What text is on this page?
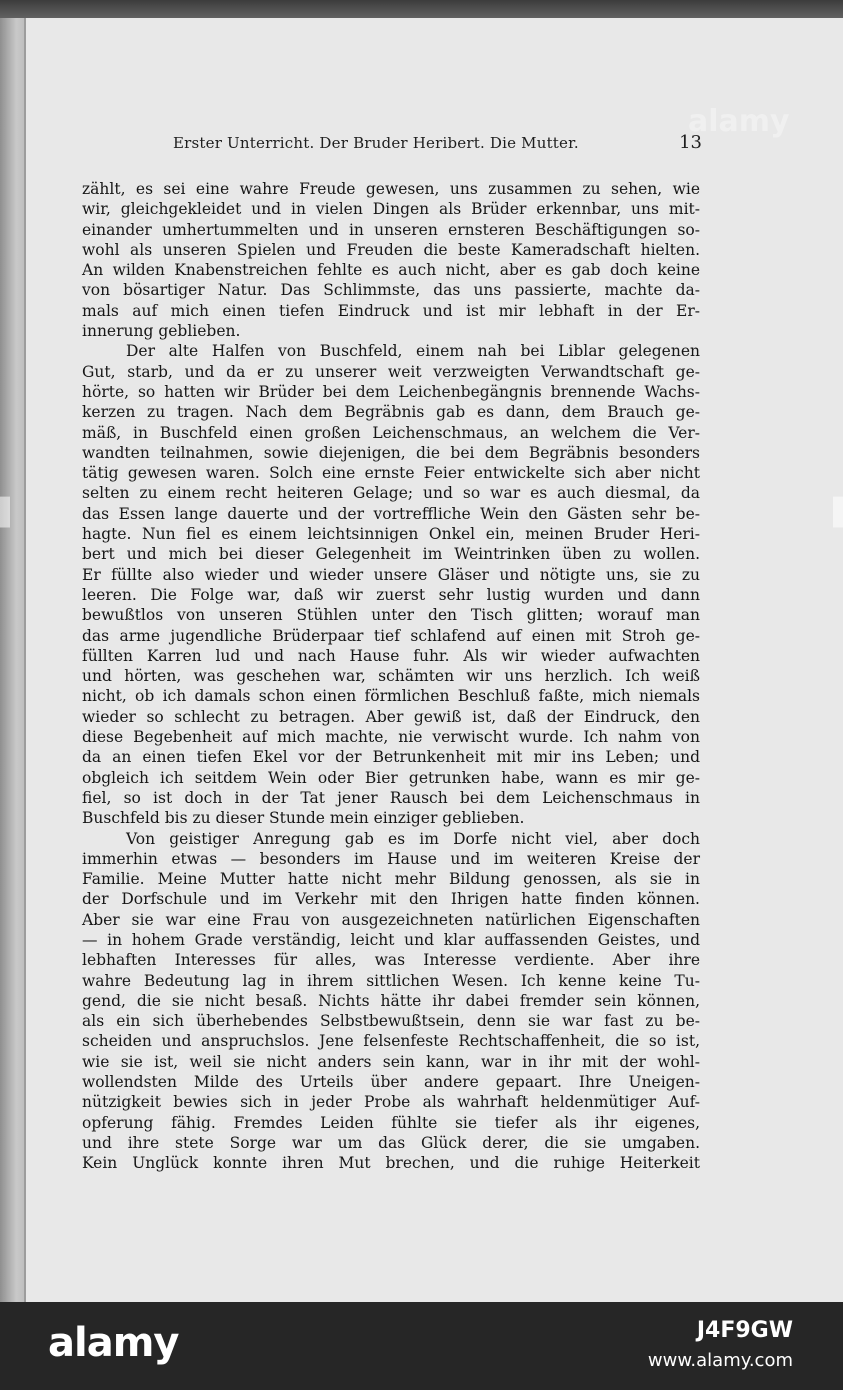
Erster Unterricht. Der Bruder Heribert. Die Mutter.	13
zählt, es sei eine wahre Freude gewesen, uns zusammen zu sehen, wie
wir, gleichgekleidet und in vielen Dingen als Brüder erkennbar, uns mit-
einander umhertummelten und in unseren ernsteren Beschäftigungen so-
wohl als unseren Spielen und Freuden die beste Kameradschaft hielten.
An wilden Knabenstreichen fehlte es auch nicht, aber es gab doch keine
von bösartiger Natur. Das Schlimmste, das uns passierte, machte da-
mals auf mich einen tiefen Eindruck und ist mir lebhaft in der Er-
innerung geblieben.
Der alte Halfen von Buschfeld, einem nah bei Liblar gelegenen
Gut, starb, und da er zu unserer weit verzweigten Verwandtschaft ge-
hörte, so hatten wir Brüder bei dem Leichenbegängnis brennende Wachs-
kerzen zu tragen. Nach dem Begräbnis gab es dann, dem Brauch ge-
mäß, in Buschfeld einen großen Leichenschmaus, an welchem die Ver-
wandten teilnahmen, sowie diejenigen, die bei dem Begräbnis besonders
tätig gewesen waren. Solch eine ernste Feier entwickelte sich aber nicht
selten zu einem recht heiteren Gelage; und so war es auch diesmal, da
das Essen lange dauerte und der vortreffliche Wein den Gästen sehr be-
hagte. Nun fiel es einem leichtsinnigen Onkel ein, meinen Bruder Heri-
bert und mich bei dieser Gelegenheit im Weintrinken üben zu wollen.
Er füllte also wieder und wieder unsere Gläser und nötigte uns, sie zu
leeren. Die Folge war, daß wir zuerst sehr lustig wurden und dann
bewußtlos von unseren Stühlen unter den Tisch glitten; worauf man
das arme jugendliche Brüderpaar tief schlafend auf einen mit Stroh ge-
füllten Karren lud und nach Hause fuhr. Als wir wieder aufwachten
und hörten, was geschehen war, schämten wir uns herzlich. Ich weiß
nicht, ob ich damals schon einen förmlichen Beschluß faßte, mich niemals
wieder so schlecht zu betragen. Aber gewiß ist, daß der Eindruck, den
diese Begebenheit auf mich machte, nie verwischt wurde. Ich nahm von
da an einen tiefen Ekel vor der Betrunkenheit mit mir ins Leben; und
obgleich ich seitdem Wein oder Bier getrunken habe, wann es mir ge-
fiel, so ist doch in der Tat jener Rausch bei dem Leichenschmaus in
Buschfeld bis zu dieser Stunde mein einziger geblieben.
Von geistiger Anregung gab es im Dorfe nicht viel, aber doch
immerhin etwas — besonders im Hause und im weiteren Kreise der
Familie. Meine Mutter hatte nicht mehr Bildung genossen, als sie in
der Dorfschule und im Verkehr mit den Ihrigen hatte finden können.
Aber sie war eine Frau von ausgezeichneten natürlichen Eigenschaften
— in hohem Grade verständig, leicht und klar auffassenden Geistes, und
lebhaften Interesses für alles, was Interesse verdiente. Aber ihre
wahre Bedeutung lag in ihrem sittlichen Wesen. Ich kenne keine Tu-
gend, die sie nicht besaß. Nichts hätte ihr dabei fremder sein können,
als ein sich überhebendes Selbstbewußtsein, denn sie war fast zu be-
scheiden und anspruchslos. Jene felsenfeste Rechtschaffenheit, die so ist,
wie sie ist, weil sie nicht anders sein kann, war in ihr mit der wohl-
wollendsten Milde des Urteils über andere gepaart. Ihre Uneigen-
nützigkeit bewies sich in jeder Probe als wahrhaft heldenmütiger Auf-
opferung fähig. Fremdes Leiden fühlte sie tiefer als ihr eigenes,
und ihre stete Sorge war um das Glück derer, die sie umgaben.
Kein Unglück konnte ihren Mut brechen, und die ruhige Heiterkeit
alamy
▌	▐
alamy	J4F9GW
www.alamy.com
